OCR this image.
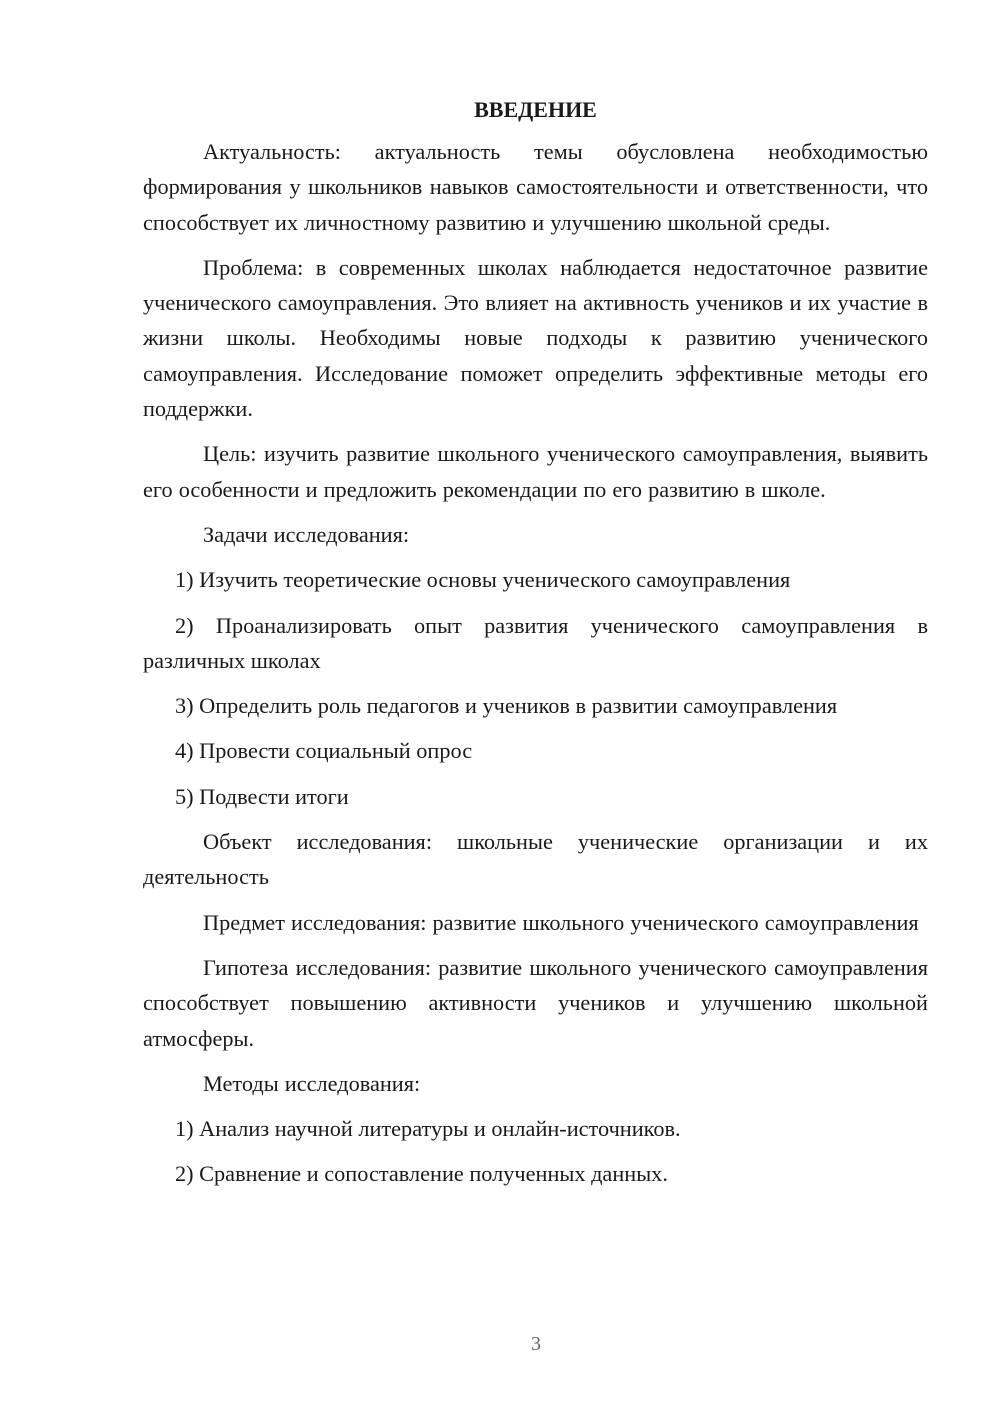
ВВЕДЕНИЕ

Актуальность: актуальность темы обусловлена необходимостью формирования у школьников навыков самостоятельности и ответственности, что способствует их личностному развитию и улучшению школьной среды.

Проблема: в современных школах наблюдается недостаточное развитие ученического самоуправления. Это влияет на активность учеников и их участие в жизни школы. Необходимы новые подходы к развитию ученического самоуправления. Исследование поможет определить эффективные методы его поддержки.

Цель: изучить развитие школьного ученического самоуправления, выявить его особенности и предложить рекомендации по его развитию в школе.

Задачи исследования:

1) Изучить теоретические основы ученического самоуправления

2) Проанализировать опыт развития ученического самоуправления в различных школах

3) Определить роль педагогов и учеников в развитии самоуправления

4) Провести социальный опрос

5) Подвести итоги

Объект исследования: школьные ученические организации и их деятельность

Предмет исследования: развитие школьного ученического самоуправления

Гипотеза исследования: развитие школьного ученического самоуправления способствует повышению активности учеников и улучшению школьной атмосферы.

Методы исследования:

1) Анализ научной литературы и онлайн-источников.

2) Сравнение и сопоставление полученных данных.

3
